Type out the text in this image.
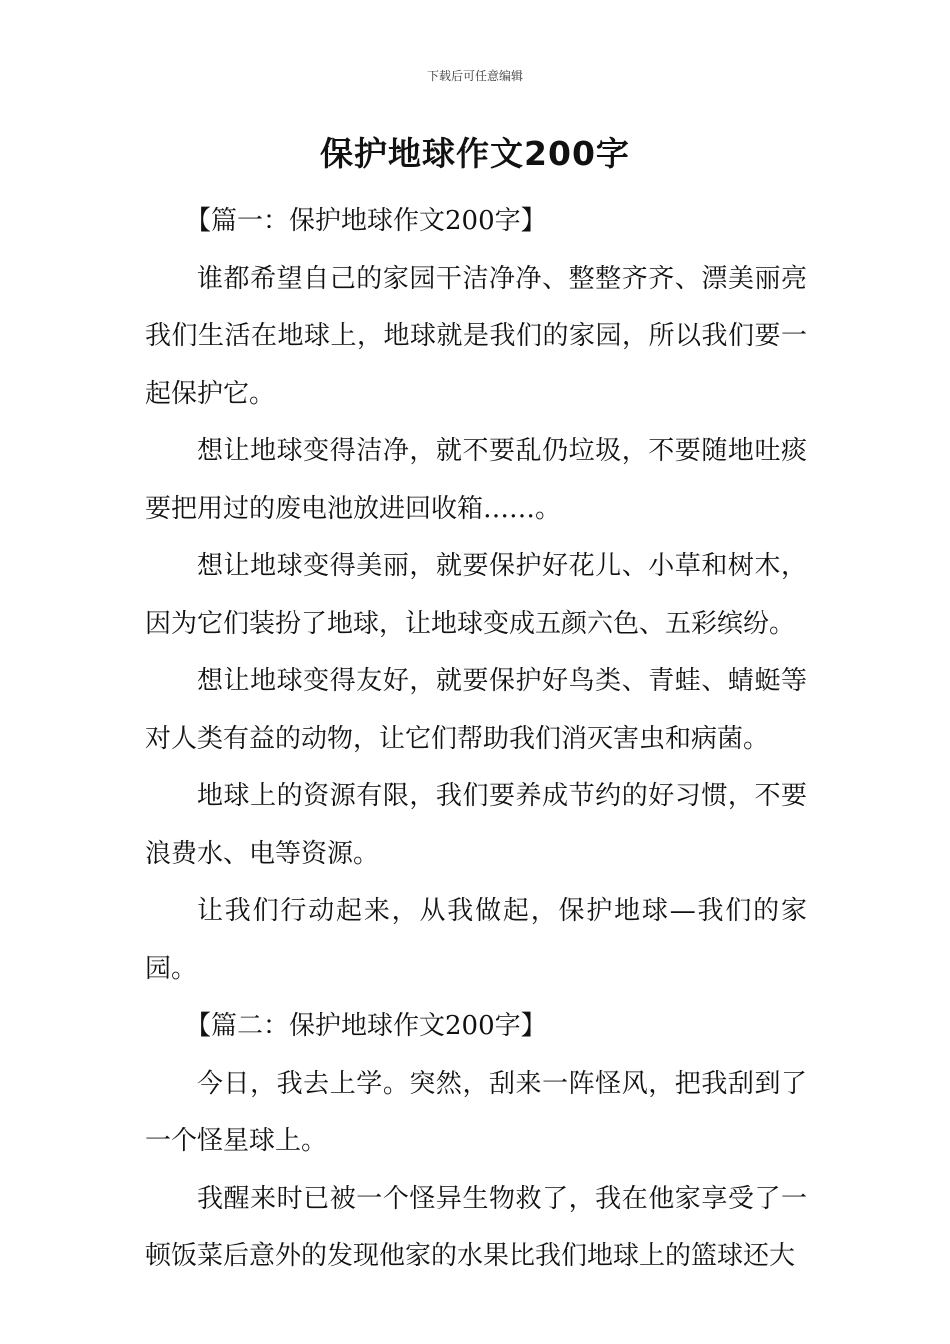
下载后可任意编辑
保护地球作文200字

【篇一：保护地球作文200字】

谁都希望自己的家园干洁净净、整整齐齐、漂美丽亮我们生活在地球上，地球就是我们的家园，所以我们要一起保护它。

想让地球变得洁净，就不要乱仍垃圾，不要随地吐痰要把用过的废电池放进回收箱……。

想让地球变得美丽，就要保护好花儿、小草和树木，因为它们装扮了地球，让地球变成五颜六色、五彩缤纷。

想让地球变得友好，就要保护好鸟类、青蛙、蜻蜓等对人类有益的动物，让它们帮助我们消灭害虫和病菌。

地球上的资源有限，我们要养成节约的好习惯，不要浪费水、电等资源。

让我们行动起来，从我做起，保护地球—我们的家园。

【篇二：保护地球作文200字】

今日，我去上学。突然，刮来一阵怪风，把我刮到了一个怪星球上。

我醒来时已被一个怪异生物救了，我在他家享受了一顿饭菜后意外的发现他家的水果比我们地球上的篮球还大
